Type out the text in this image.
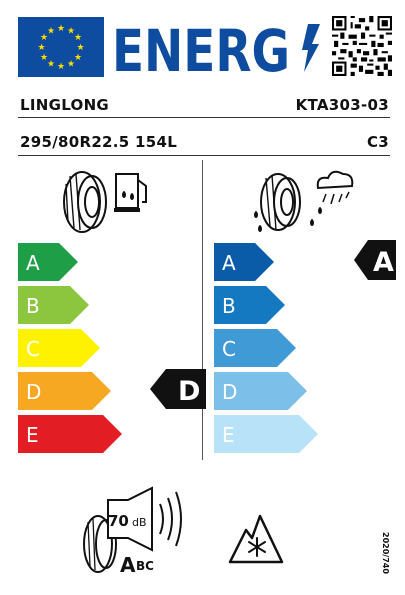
★ ★
★
★
★
★
★
★
★
★
★
★ ENERG
LINGLONG	KTA303-03
295/80R22.5 154L	C3
A
B
C
D
E
D
A
B
C
D
E
A
70 dB
A BC	2020/740
